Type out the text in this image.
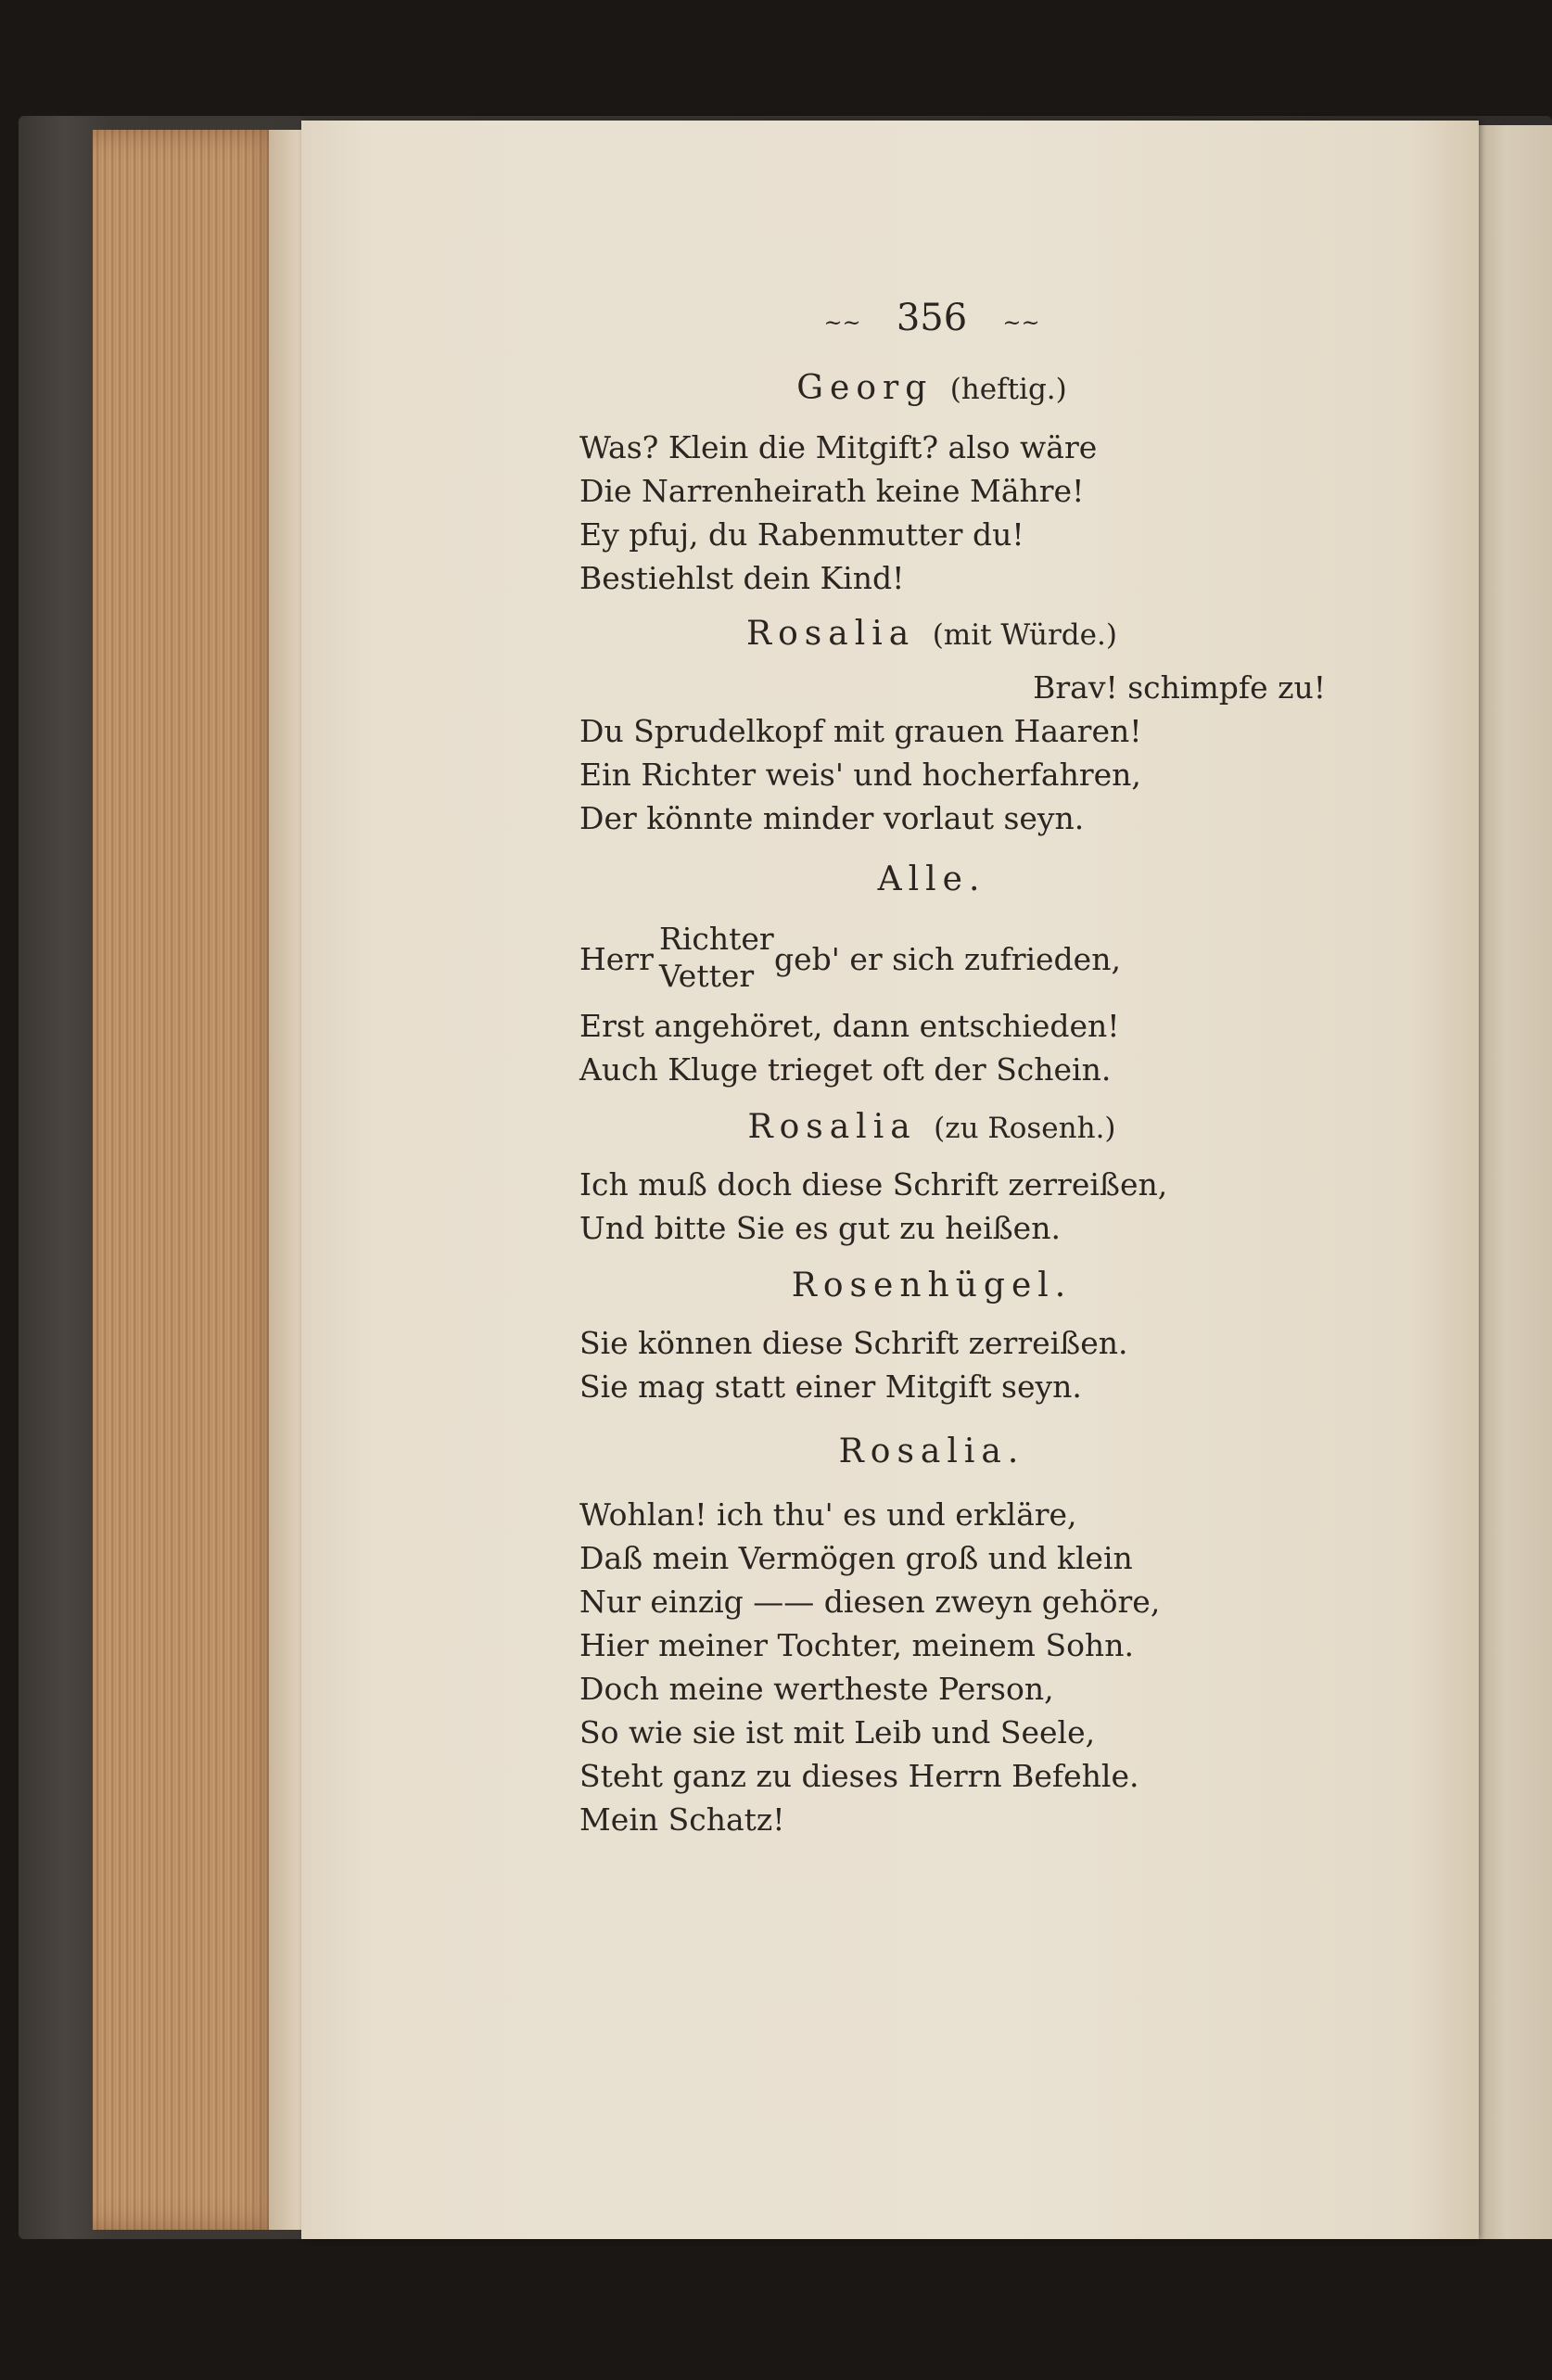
~~ 356 ~~

Georg (heftig.)

Was? Klein die Mitgift? also wäre

Die Narrenheirath keine Mähre!

Ey pfuj, du Rabenmutter du!

Bestiehlst dein Kind!

Rosalia (mit Würde.)

Brav! schimpfe zu!

Du Sprudelkopf mit grauen Haaren!

Ein Richter weis' und hocherfahren,

Der könnte minder vorlaut seyn.

Alle.

Herr
Richter
Vetter geb' er sich zufrieden,

Erst angehöret, dann entschieden!

Auch Kluge trieget oft der Schein.

Rosalia (zu Rosenh.)

Ich muß doch diese Schrift zerreißen,

Und bitte Sie es gut zu heißen.

Rosenhügel.

Sie können diese Schrift zerreißen.

Sie mag statt einer Mitgift seyn.

Rosalia.

Wohlan! ich thu' es und erkläre,

Daß mein Vermögen groß und klein

Nur einzig —— diesen zweyn gehöre,

Hier meiner Tochter, meinem Sohn.

Doch meine wertheste Person,

So wie sie ist mit Leib und Seele,

Steht ganz zu dieses Herrn Befehle.

Mein Schatz!
